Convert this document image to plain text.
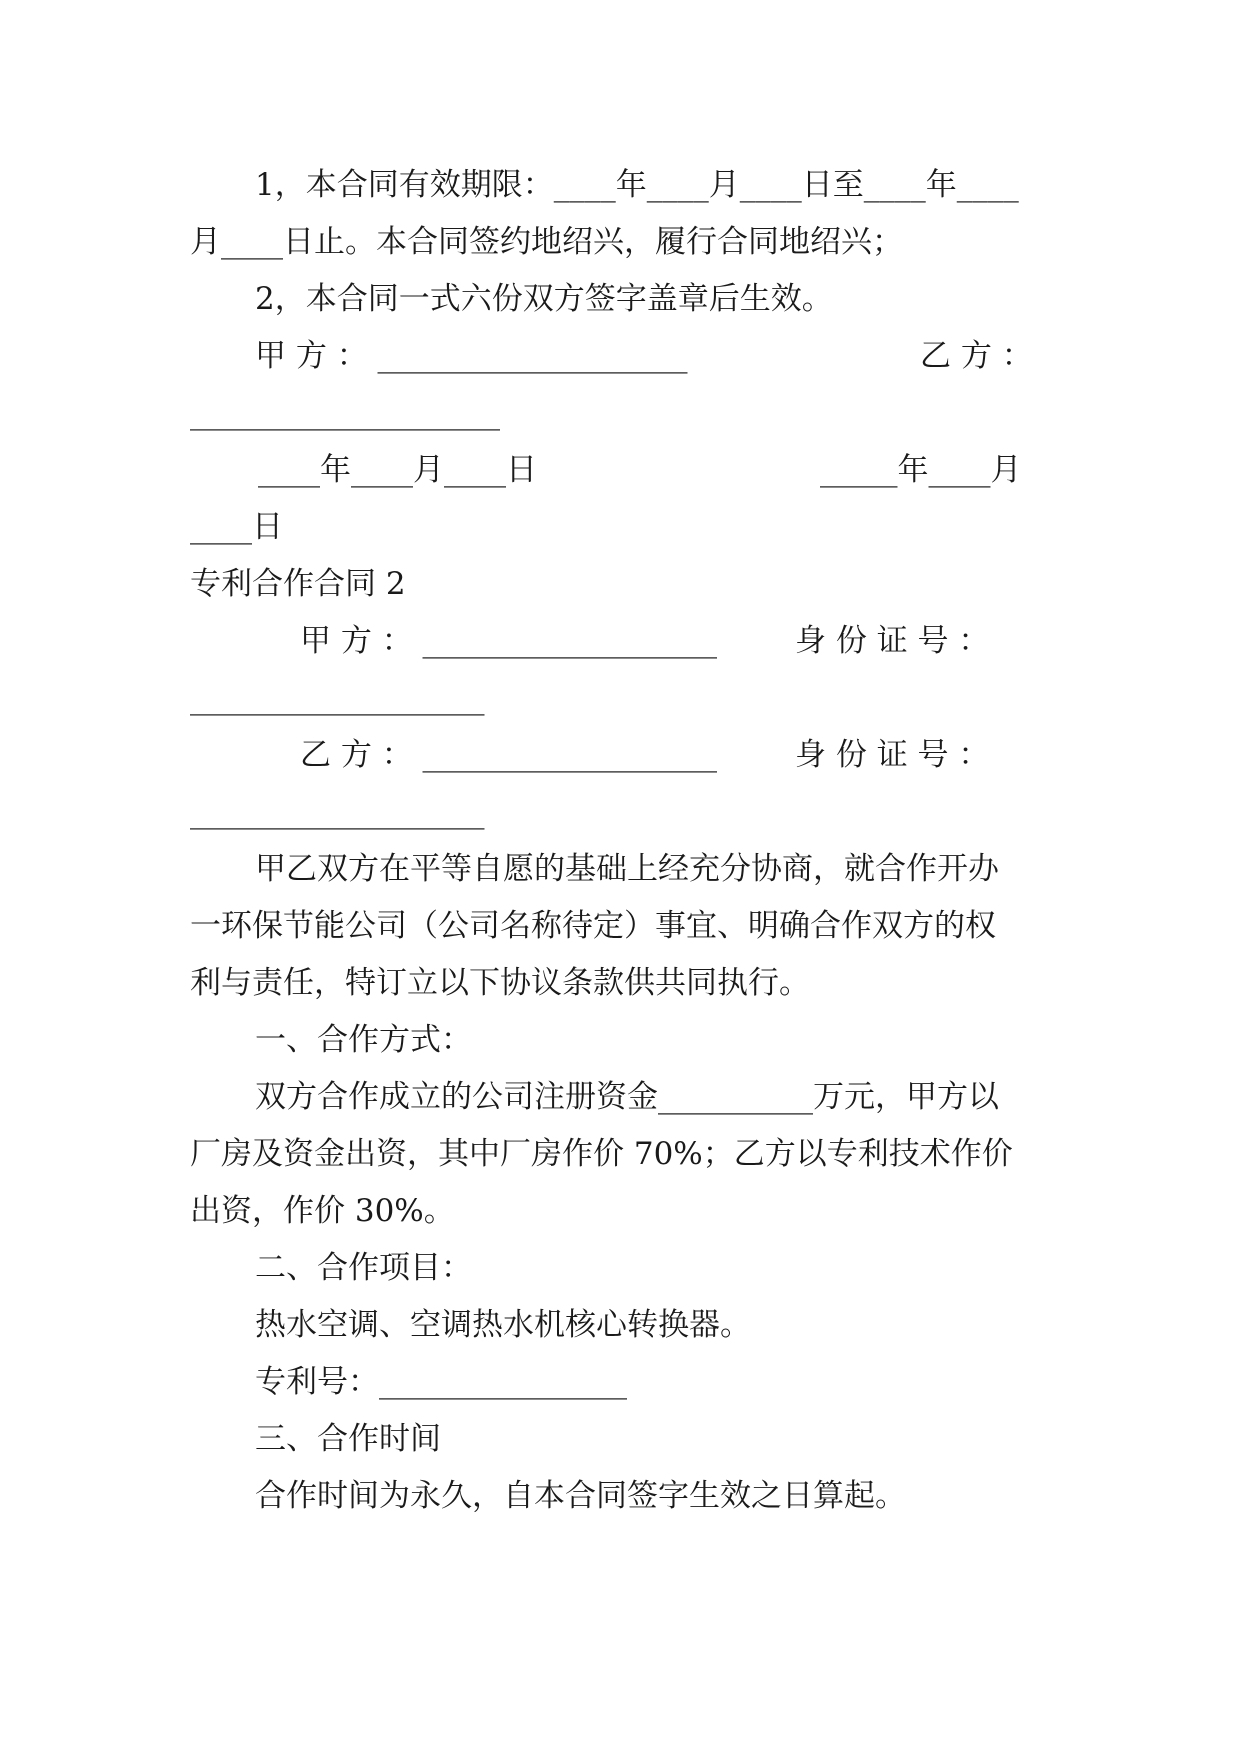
1，本合同有效期限：____年____月____日至____年____
月____日止。本合同签约地绍兴，履行合同地绍兴；
2，本合同一式六份双方签字盖章后生效。
甲 方 ： ____________________	乙 方 ：
____________________
____年____月____日	_____年____月
____日
专利合作合同 2
甲 方 ： ___________________	身 份 证 号 ：
___________________
乙 方 ： ___________________	身 份 证 号 ：
___________________
甲乙双方在平等自愿的基础上经充分协商，就合作开办
一环保节能公司（公司名称待定）事宜、明确合作双方的权
利与责任，特订立以下协议条款供共同执行。
一、合作方式：
双方合作成立的公司注册资金__________万元，甲方以
厂房及资金出资，其中厂房作价 70%；乙方以专利技术作价
出资，作价 30%。
二、合作项目：
热水空调、空调热水机核心转换器。
专利号：________________
三、合作时间
合作时间为永久，自本合同签字生效之日算起。
